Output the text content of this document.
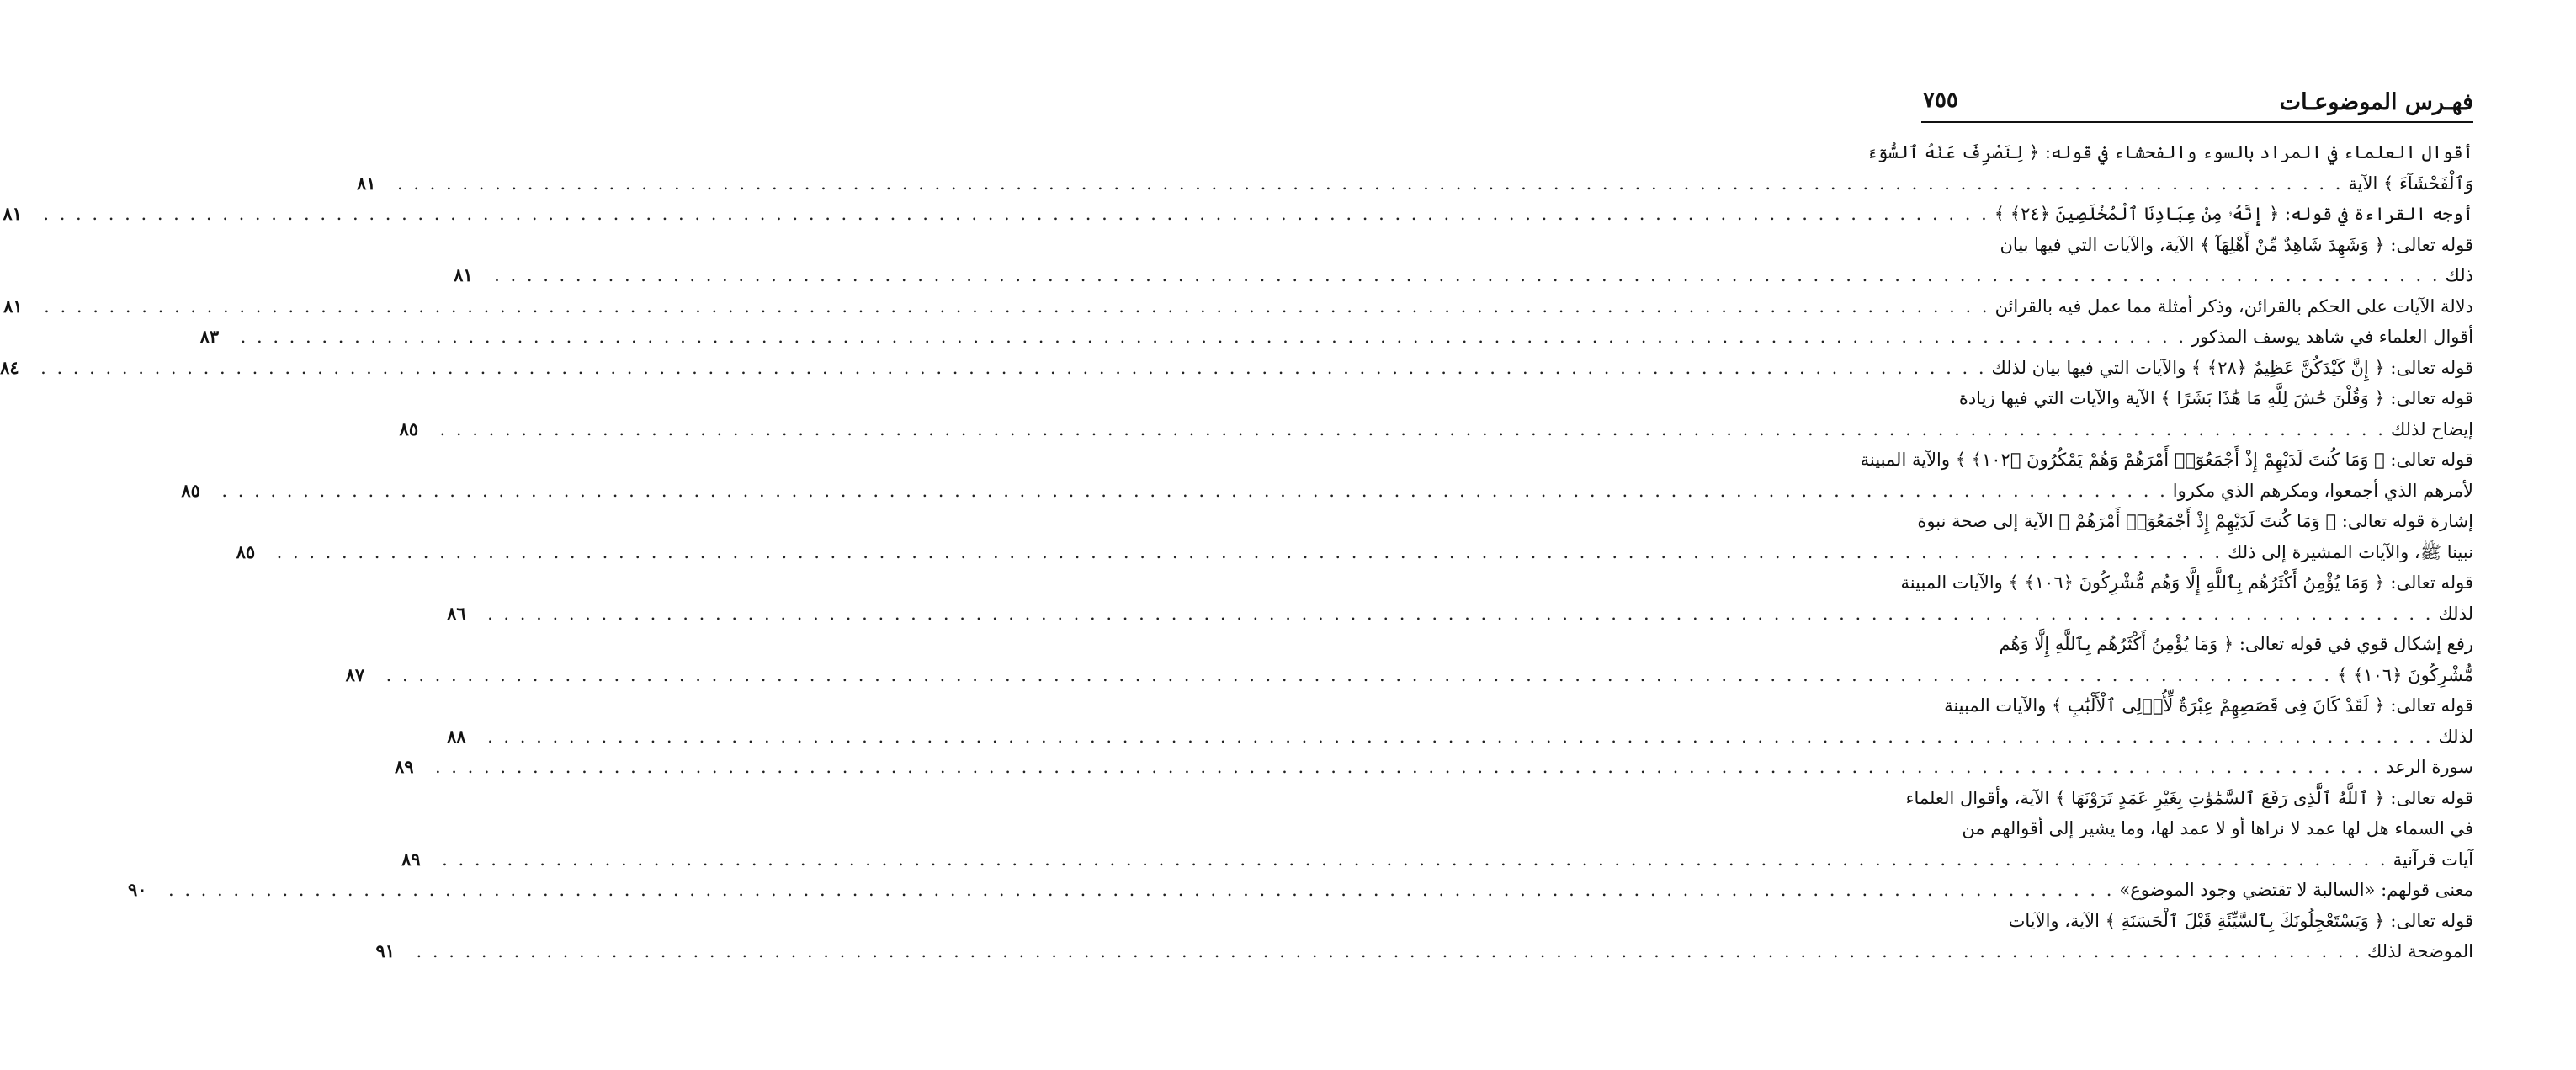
فهـرس الموضوعـات
٧٥٥
أقوال العلماء في المراد بالسوء والفحشاء في قوله: ﴿ لِنَصْرِفَ عَنْهُ ٱلسُّوٓءَ
وَٱلْفَحْشَآءَ ﴾ الآية
. . . . . . . . . . . . . . . . . . . . . . . . . . . . . . . . . . . . . . . . . . . . . . . . . . . . . . . . . . . . . . . . . . . . . . . . . . . . . . . . . . . . . . . . . . . . . . . . . . . . . . . . . . . . . . . . . . . . . . . .
٨١
أوجه القراءة في قوله: ﴿ إِنَّهُۥ مِنْ عِبَادِنَا ٱلْمُخْلَصِينَ ﴿٢٤﴾ ﴾
. . . . . . . . . . . . . . . . . . . . . . . . . . . . . . . . . . . . . . . . . . . . . . . . . . . . . . . . . . . . . . . . . . . . . . . . . . . . . . . . . . . . . . . . . . . . . . . . . . . . . . . . . . . . . . . . . . . . . . . .
٨١
قوله تعالى: ﴿ وَشَهِدَ شَاهِدٌ مِّنْ أَهْلِهَآ ﴾ الآية، والآيات التي فيها بيان
ذلك
. . . . . . . . . . . . . . . . . . . . . . . . . . . . . . . . . . . . . . . . . . . . . . . . . . . . . . . . . . . . . . . . . . . . . . . . . . . . . . . . . . . . . . . . . . . . . . . . . . . . . . . . . . . . . . . . . . . . . . . .
٨١
دلالة الآيات على الحكم بالقرائن، وذكر أمثلة مما عمل فيه بالقرائن
. . . . . . . . . . . . . . . . . . . . . . . . . . . . . . . . . . . . . . . . . . . . . . . . . . . . . . . . . . . . . . . . . . . . . . . . . . . . . . . . . . . . . . . . . . . . . . . . . . . . . . . . . . . . . . . . . . . . . . . .
٨١
أقوال العلماء في شاهد يوسف المذكور
. . . . . . . . . . . . . . . . . . . . . . . . . . . . . . . . . . . . . . . . . . . . . . . . . . . . . . . . . . . . . . . . . . . . . . . . . . . . . . . . . . . . . . . . . . . . . . . . . . . . . . . . . . . . . . . . . . . . . . . .
٨٣
قوله تعالى: ﴿ إِنَّ كَيْدَكُنَّ عَظِيمٌ ﴿٢٨﴾ ﴾ والآيات التي فيها بيان لذلك
. . . . . . . . . . . . . . . . . . . . . . . . . . . . . . . . . . . . . . . . . . . . . . . . . . . . . . . . . . . . . . . . . . . . . . . . . . . . . . . . . . . . . . . . . . . . . . . . . . . . . . . . . . . . . . . . . . . . . . . .
٨٤
قوله تعالى: ﴿ وَقُلْنَ حَٰشَ لِلَّهِ مَا هَٰذَا بَشَرًا ﴾ الآية والآيات التي فيها زيادة
إيضاح لذلك
. . . . . . . . . . . . . . . . . . . . . . . . . . . . . . . . . . . . . . . . . . . . . . . . . . . . . . . . . . . . . . . . . . . . . . . . . . . . . . . . . . . . . . . . . . . . . . . . . . . . . . . . . . . . . . . . . . . . . . . .
٨٥
قوله تعالى: ﴿ وَمَا كُنتَ لَدَيْهِمْ إِذْ أَجْمَعُوٓا۟ أَمْرَهُمْ وَهُمْ يَمْكُرُونَ ﴿١٠٢﴾ ﴾ والآية المبينة
لأمرهم الذي أجمعوا، ومكرهم الذي مكروا
. . . . . . . . . . . . . . . . . . . . . . . . . . . . . . . . . . . . . . . . . . . . . . . . . . . . . . . . . . . . . . . . . . . . . . . . . . . . . . . . . . . . . . . . . . . . . . . . . . . . . . . . . . . . . . . . . . . . . . . .
٨٥
إشارة قوله تعالى: ﴿ وَمَا كُنتَ لَدَيْهِمْ إِذْ أَجْمَعُوٓا۟ أَمْرَهُمْ ﴾ الآية إلى صحة نبوة
نبينا ﷺ، والآيات المشيرة إلى ذلك
. . . . . . . . . . . . . . . . . . . . . . . . . . . . . . . . . . . . . . . . . . . . . . . . . . . . . . . . . . . . . . . . . . . . . . . . . . . . . . . . . . . . . . . . . . . . . . . . . . . . . . . . . . . . . . . . . . . . . . . .
٨٥
قوله تعالى: ﴿ وَمَا يُؤْمِنُ أَكْثَرُهُم بِٱللَّهِ إِلَّا وَهُم مُّشْرِكُونَ ﴿١٠٦﴾ ﴾ والآيات المبينة
لذلك
. . . . . . . . . . . . . . . . . . . . . . . . . . . . . . . . . . . . . . . . . . . . . . . . . . . . . . . . . . . . . . . . . . . . . . . . . . . . . . . . . . . . . . . . . . . . . . . . . . . . . . . . . . . . . . . . . . . . . . . .
٨٦
رفع إشكال قوي في قوله تعالى: ﴿ وَمَا يُؤْمِنُ أَكْثَرُهُم بِٱللَّهِ إِلَّا وَهُم
مُّشْرِكُونَ ﴿١٠٦﴾ ﴾
. . . . . . . . . . . . . . . . . . . . . . . . . . . . . . . . . . . . . . . . . . . . . . . . . . . . . . . . . . . . . . . . . . . . . . . . . . . . . . . . . . . . . . . . . . . . . . . . . . . . . . . . . . . . . . . . . . . . . . . .
٨٧
قوله تعالى: ﴿ لَقَدْ كَانَ فِى قَصَصِهِمْ عِبْرَةٌ لِّأُو۟لِى ٱلْأَلْبَٰبِ ﴾ والآيات المبينة
لذلك
. . . . . . . . . . . . . . . . . . . . . . . . . . . . . . . . . . . . . . . . . . . . . . . . . . . . . . . . . . . . . . . . . . . . . . . . . . . . . . . . . . . . . . . . . . . . . . . . . . . . . . . . . . . . . . . . . . . . . . . .
٨٨
سورة الرعد
. . . . . . . . . . . . . . . . . . . . . . . . . . . . . . . . . . . . . . . . . . . . . . . . . . . . . . . . . . . . . . . . . . . . . . . . . . . . . . . . . . . . . . . . . . . . . . . . . . . . . . . . . . . . . . . . . . . . . . . .
٨٩
قوله تعالى: ﴿ ٱللَّهُ ٱلَّذِى رَفَعَ ٱلسَّمَٰوَٰتِ بِغَيْرِ عَمَدٍ تَرَوْنَهَا ﴾ الآية، وأقوال العلماء
في السماء هل لها عمد لا نراها أو لا عمد لها، وما يشير إلى أقوالهم من
آيات قرآنية
. . . . . . . . . . . . . . . . . . . . . . . . . . . . . . . . . . . . . . . . . . . . . . . . . . . . . . . . . . . . . . . . . . . . . . . . . . . . . . . . . . . . . . . . . . . . . . . . . . . . . . . . . . . . . . . . . . . . . . . .
٨٩
معنى قولهم: «السالبة لا تقتضي وجود الموضوع»
. . . . . . . . . . . . . . . . . . . . . . . . . . . . . . . . . . . . . . . . . . . . . . . . . . . . . . . . . . . . . . . . . . . . . . . . . . . . . . . . . . . . . . . . . . . . . . . . . . . . . . . . . . . . . . . . . . . . . . . .
٩٠
قوله تعالى: ﴿ وَيَسْتَعْجِلُونَكَ بِٱلسَّيِّئَةِ قَبْلَ ٱلْحَسَنَةِ ﴾ الآية، والآيات
الموضحة لذلك
. . . . . . . . . . . . . . . . . . . . . . . . . . . . . . . . . . . . . . . . . . . . . . . . . . . . . . . . . . . . . . . . . . . . . . . . . . . . . . . . . . . . . . . . . . . . . . . . . . . . . . . . . . . . . . . . . . . . . . . .
٩١
